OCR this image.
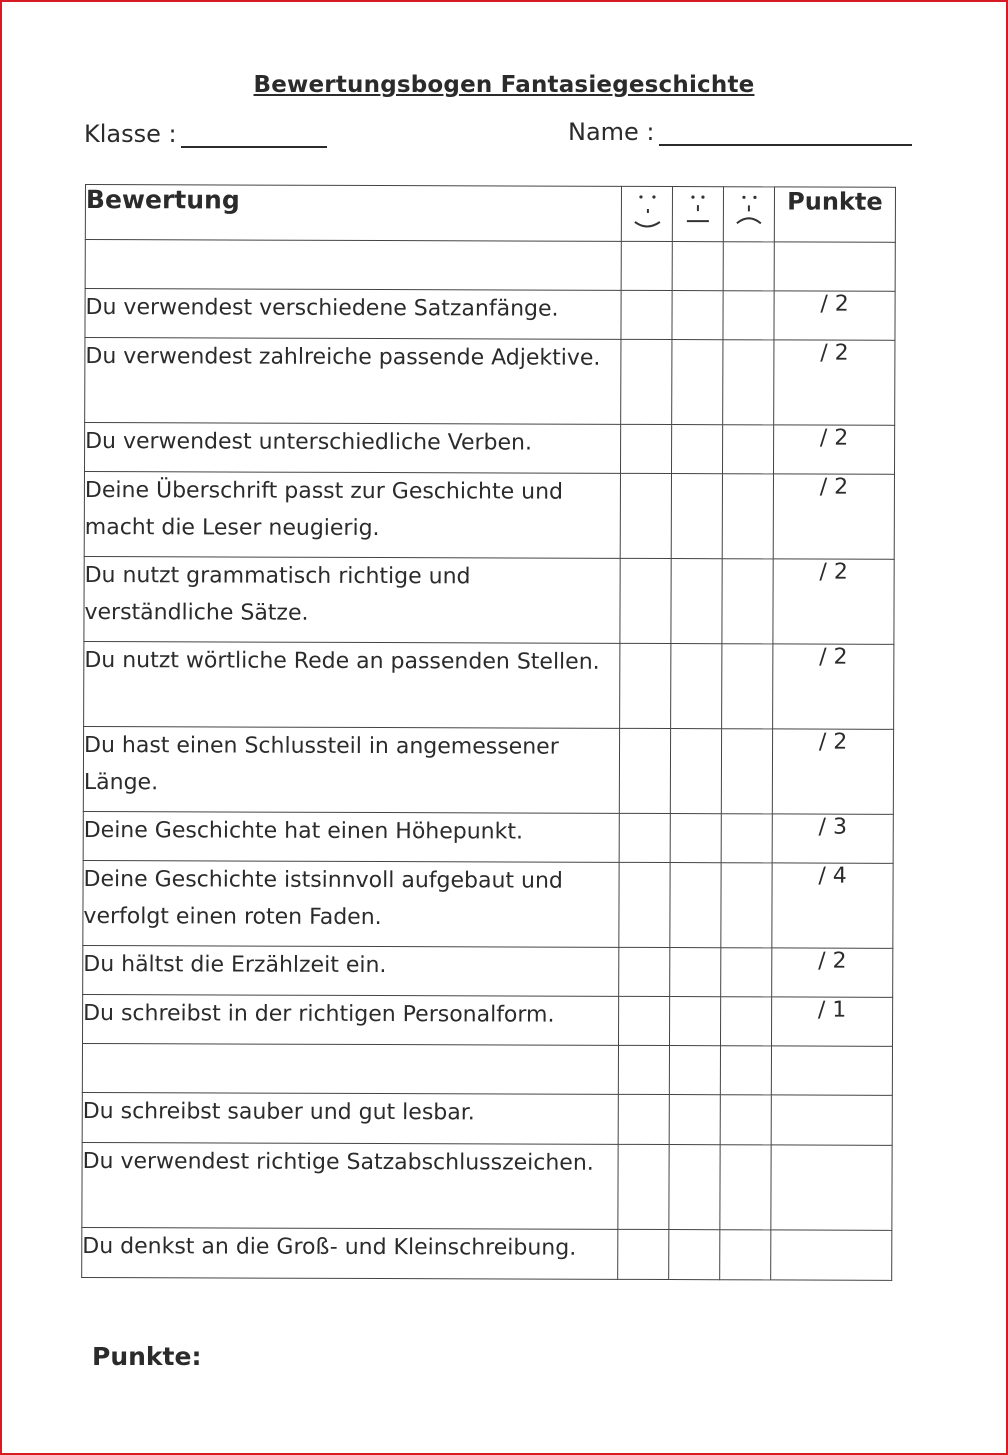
Bewertungsbogen Fantasiegeschichte
Klasse :	Name :
Bewertung				Punkte

Du verwendest verschiedene Satzanfänge.				/ 2
Du verwendest zahlreiche passende Adjektive.				/ 2
Du verwendest unterschiedliche Verben.				/ 2
Deine Überschrift passt zur Geschichte und macht die Leser neugierig.				/ 2
Du nutzt grammatisch richtige und verständliche Sätze.				/ 2
Du nutzt wörtliche Rede an passenden Stellen.				/ 2
Du hast einen Schlussteil in angemessener Länge.				/ 2
Deine Geschichte hat einen Höhepunkt.				/ 3
Deine Geschichte istsinnvoll aufgebaut und verfolgt einen roten Faden.				/ 4
Du hältst die Erzählzeit ein.				/ 2
Du schreibst in der richtigen Personalform.				/ 1

Du schreibst sauber und gut lesbar.				
Du verwendest richtige Satzabschlusszeichen.				
Du denkst an die Groß- und Kleinschreibung.				
Punkte:
